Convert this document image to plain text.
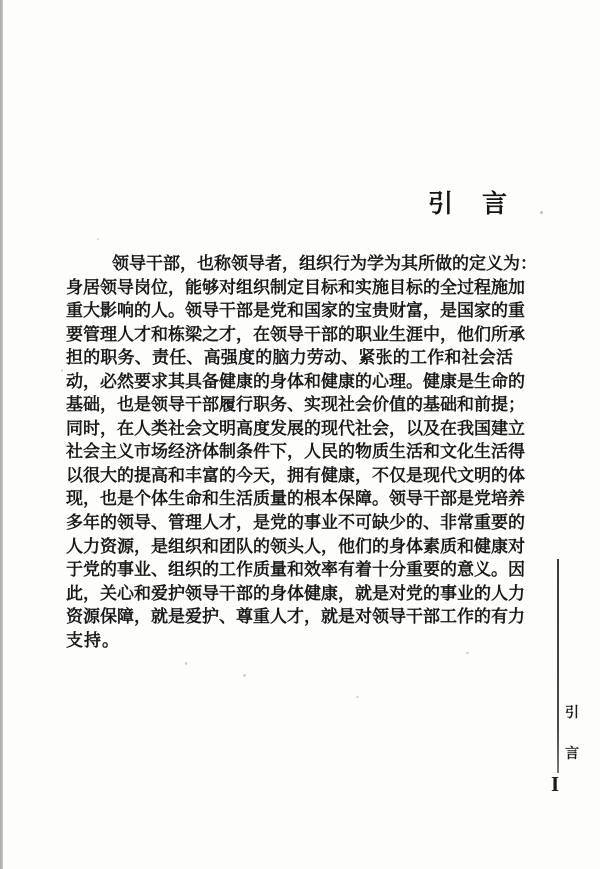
引　言
领导干部，也称领导者，组织行为学为其所做的定义为：
身居领导岗位，能够对组织制定目标和实施目标的全过程施加
重大影响的人。领导干部是党和国家的宝贵财富，是国家的重
要管理人才和栋梁之才，在领导干部的职业生涯中，他们所承
担的职务、责任、高强度的脑力劳动、紧张的工作和社会活
动，必然要求其具备健康的身体和健康的心理。健康是生命的
基础，也是领导干部履行职务、实现社会价值的基础和前提；
同时，在人类社会文明高度发展的现代社会，以及在我国建立
社会主义市场经济体制条件下，人民的物质生活和文化生活得
以很大的提高和丰富的今天，拥有健康，不仅是现代文明的体
现，也是个体生命和生活质量的根本保障。领导干部是党培养
多年的领导、管理人才，是党的事业不可缺少的、非常重要的
人力资源，是组织和团队的领头人，他们的身体素质和健康对
于党的事业、组织的工作质量和效率有着十分重要的意义。因
此，关心和爱护领导干部的身体健康，就是对党的事业的人力
资源保障，就是爱护、尊重人才，就是对领导干部工作的有力
支持。
引
言
I
